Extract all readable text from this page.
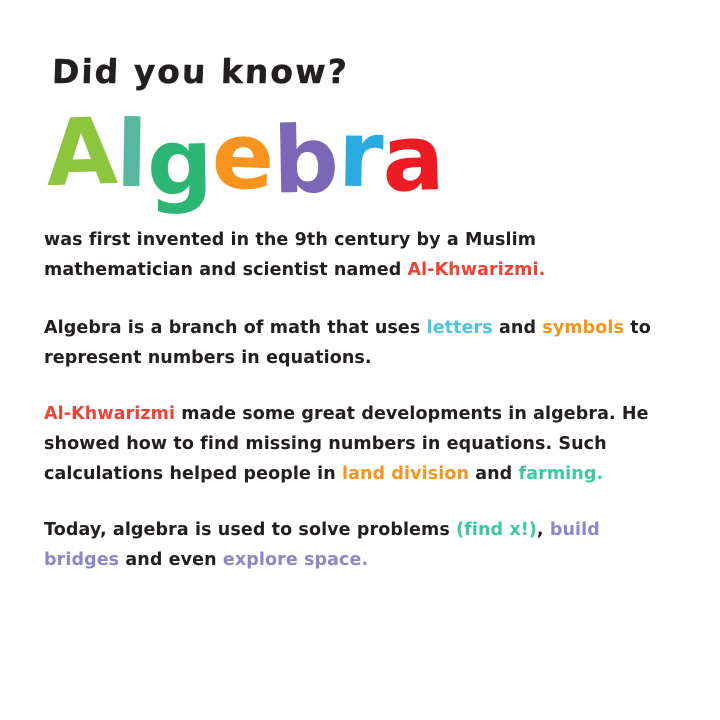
Did you know?
Algebra

was first invented in the 9th century by a Muslim mathematician and scientist named Al-Khwarizmi.

Algebra is a branch of math that uses letters and symbols to represent numbers in equations.

Al-Khwarizmi made some great developments in algebra. He showed how to find missing numbers in equations. Such calculations helped people in land division and farming.

Today, algebra is used to solve problems (find x!), build bridges and even explore space.
